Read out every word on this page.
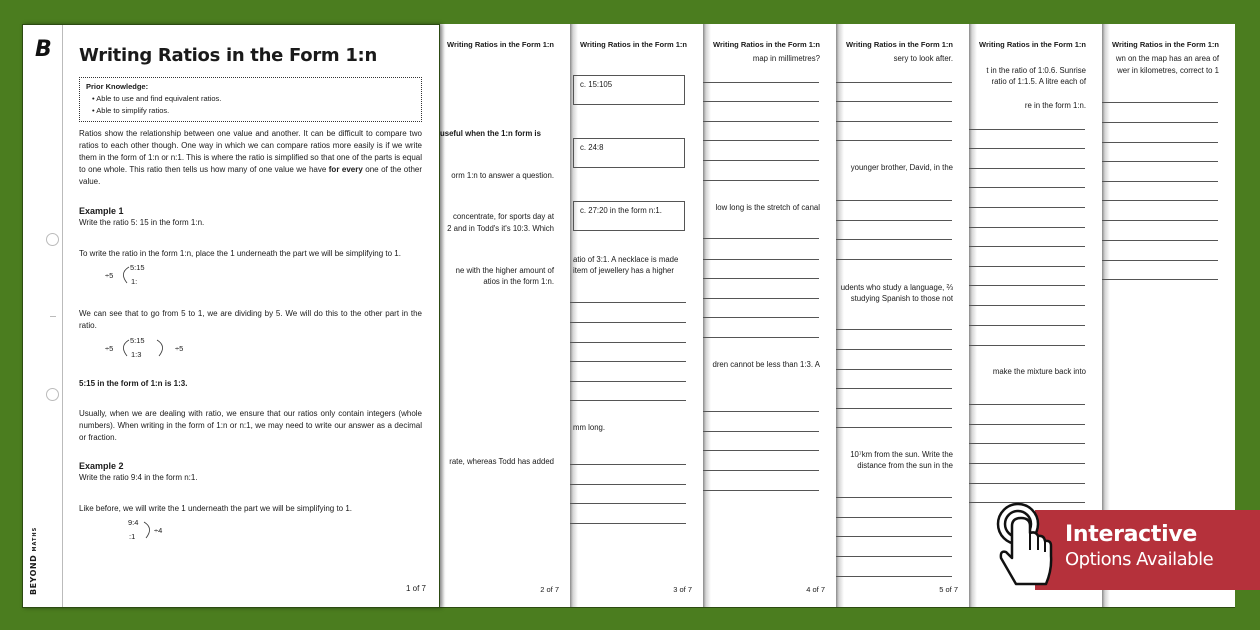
𝘽
BEYOND MATHS
Writing Ratios in the Form 1:n
Prior Knowledge:
• Able to use and find equivalent ratios.
• Able to simplify ratios.
Ratios show the relationship between one value and another. It can be difficult to compare two ratios to each other though. One way in which we can compare ratios more easily is if we write them in the form of 1:n or n:1. This is where the ratio is simplified so that one of the parts is equal to one whole. This ratio then tells us how many of one value we have for every one of the other value.
Example 1
Write the ratio 5: 15 in the form 1:n.
To write the ratio in the form 1:n, place the 1 underneath the part we will be simplifying to 1.
÷5
5:15
1:
We can see that to go from 5 to 1, we are dividing by 5. We will do this to the other part in the ratio.
÷5
5:15
1:3
÷5
5:15 in the form of 1:n is 1:3.
Usually, when we are dealing with ratio, we ensure that our ratios only contain integers (whole numbers). When writing in the form of 1:n or n:1, we may need to write our answer as a decimal or fraction.
Example 2
Write the ratio 9:4 in the form n:1.
Like before, we will write the 1 underneath the part we will be simplifying to 1.
9:4
:1
÷4
1 of 7
Writing Ratios in the Form 1:n
useful when the 1:n form is
orm 1:n to answer a question.
concentrate, for sports day at
2 and in Todd's it's 10:3. Which
ne with the higher amount of
atios in the form 1:n.
rate, whereas Todd has added
2 of 7
Writing Ratios in the Form 1:n
c. 15:105
c. 24:8
c. 27:20 in the form n:1.
atio of 3:1. A necklace is made
item of jewellery has a higher
mm long.
3 of 7
Writing Ratios in the Form 1:n
map in millimetres?
low long is the stretch of canal
dren cannot be less than 1:3. A
4 of 7
Writing Ratios in the Form 1:n
sery to look after.
younger brother, David, in the
udents who study a language, ⅔
studying Spanish to those not
10⁷km from the sun. Write the
distance from the sun in the
5 of 7
Writing Ratios in the Form 1:n
t in the ratio of 1:0.6. Sunrise
ratio of 1:1.5. A litre each of
re in the form 1:n.
make the mixture back into
Writing Ratios in the Form 1:n
wn on the map has an area of
wer in kilometres, correct to 1
Interactive
Options Available
